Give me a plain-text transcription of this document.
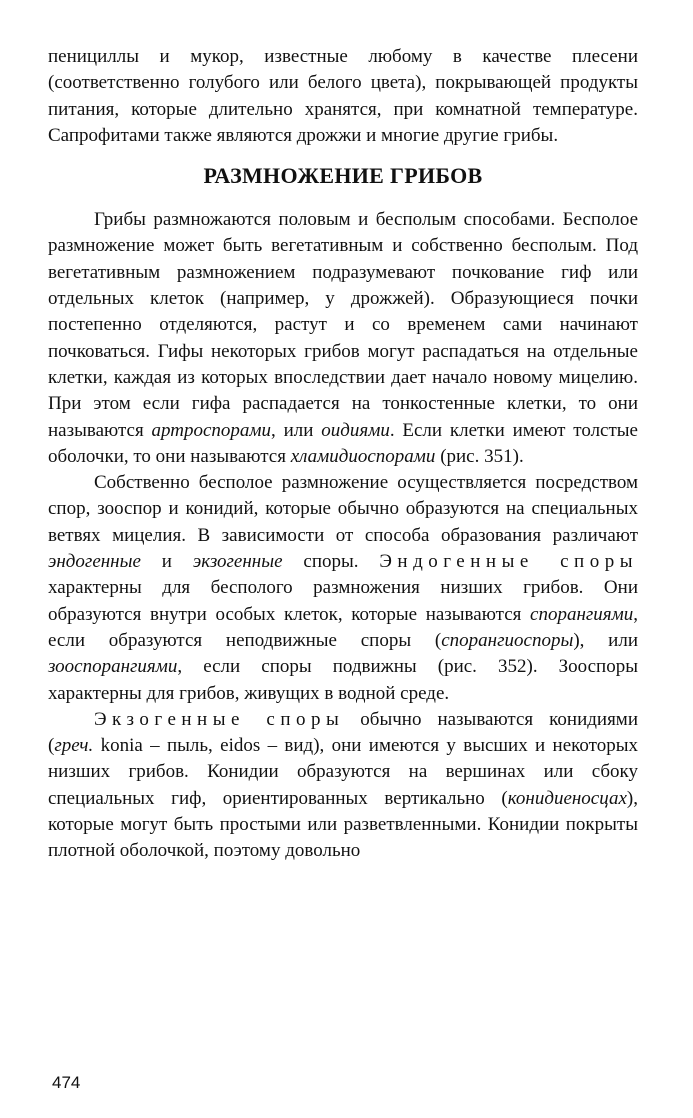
пенициллы и мукор, известные любому в качестве плесени (соответственно голубого или белого цвета), покрывающей продукты питания, которые длительно хранятся, при комнатной температуре. Сапрофитами также являются дрожжи и многие другие грибы.

РАЗМНОЖЕНИЕ ГРИБОВ

Грибы размножаются половым и бесполым способами. Бесполое размножение может быть вегетативным и собственно бесполым. Под вегетативным размножением подразумевают почкование гиф или отдельных клеток (например, у дрожжей). Образующиеся почки постепенно отделяются, растут и со временем сами начинают почковаться. Гифы некоторых грибов могут распадаться на отдельные клетки, каждая из которых впоследствии дает начало новому мицелию. При этом если гифа распадается на тонкостенные клетки, то они называются артроспорами, или оидиями. Если клетки имеют толстые оболочки, то они называются хламидиоспорами (рис. 351).

Собственно бесполое размножение осуществляется посредством спор, зооспор и конидий, которые обычно образуются на специальных ветвях мицелия. В зависимости от способа образования различают эндогенные и экзогенные споры. Эндогенные споры характерны для бесполого размножения низших грибов. Они образуются внутри особых клеток, которые называются спорангиями, если образуются неподвижные споры (спорангиоспоры), или зооспорангиями, если споры подвижны (рис. 352). Зооспоры характерны для грибов, живущих в водной среде.

Экзогенные споры обычно называются конидиями (греч. konia – пыль, eidos – вид), они имеются у высших и некоторых низших грибов. Конидии образуются на вершинах или сбоку специальных гиф, ориентированных вертикально (конидиеносцах), которые могут быть простыми или разветвленными. Конидии покрыты плотной оболочкой, поэтому довольно

474
